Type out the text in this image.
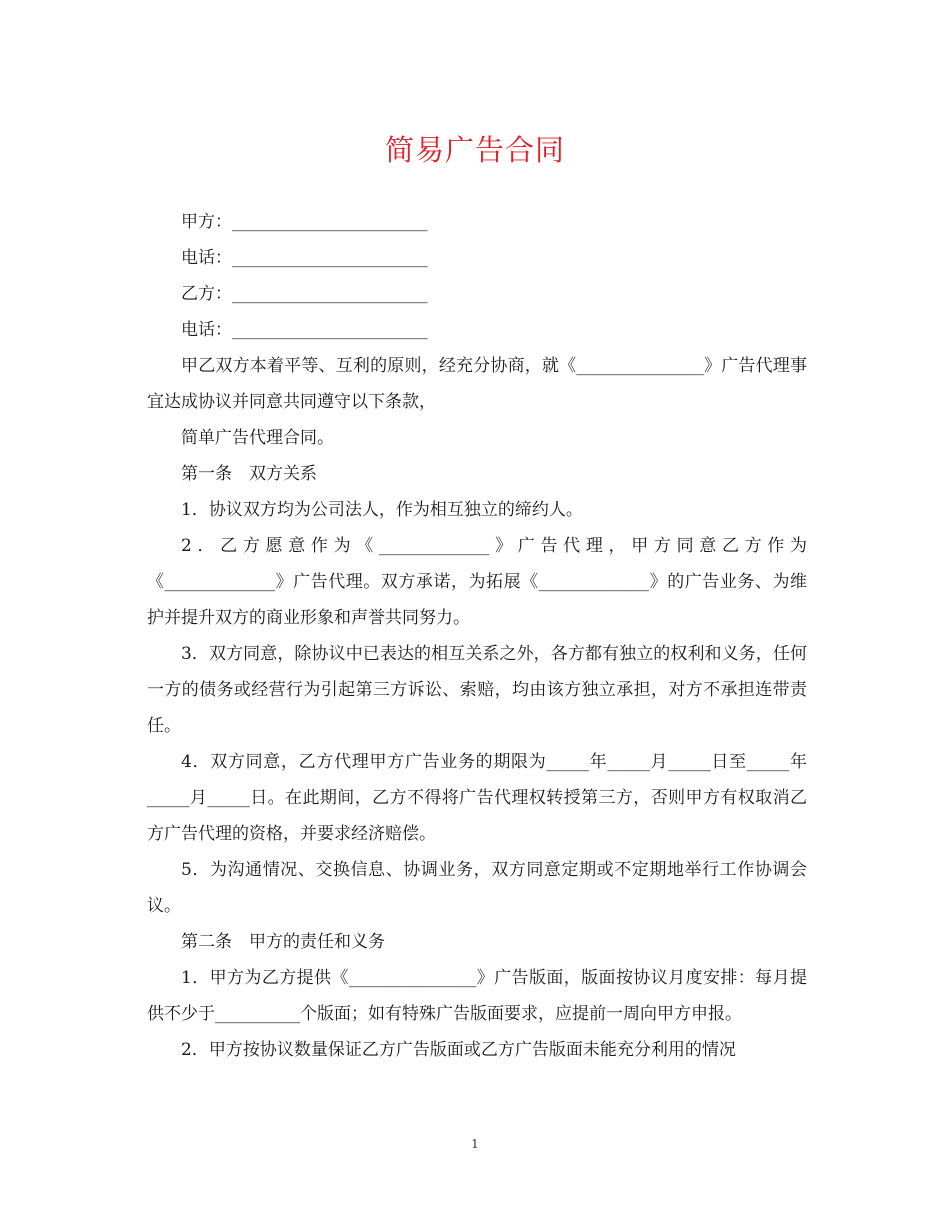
简易广告合同

甲方：_______________________

电话：_______________________

乙方：_______________________

电话：_______________________

甲乙双方本着平等、互利的原则，经充分协商，就《_______________》广告代理事宜达成协议并同意共同遵守以下条款，

简单广告代理合同。

第一条　双方关系

1．协议双方均为公司法人，作为相互独立的缔约人。

2．乙方愿意作为《_____________》广告代理，甲方同意乙方作为《_____________》广告代理。双方承诺，为拓展《_____________》的广告业务、为维护并提升双方的商业形象和声誉共同努力。

3．双方同意，除协议中已表达的相互关系之外，各方都有独立的权利和义务，任何一方的债务或经营行为引起第三方诉讼、索赔，均由该方独立承担，对方不承担连带责任。

4．双方同意，乙方代理甲方广告业务的期限为_____年_____月_____日至_____年_____月_____日。在此期间，乙方不得将广告代理权转授第三方，否则甲方有权取消乙方广告代理的资格，并要求经济赔偿。

5．为沟通情况、交换信息、协调业务，双方同意定期或不定期地举行工作协调会议。

第二条　甲方的责任和义务

1．甲方为乙方提供《_______________》广告版面，版面按协议月度安排：每月提供不少于__________个版面；如有特殊广告版面要求，应提前一周向甲方申报。

2．甲方按协议数量保证乙方广告版面或乙方广告版面未能充分利用的情况

1
